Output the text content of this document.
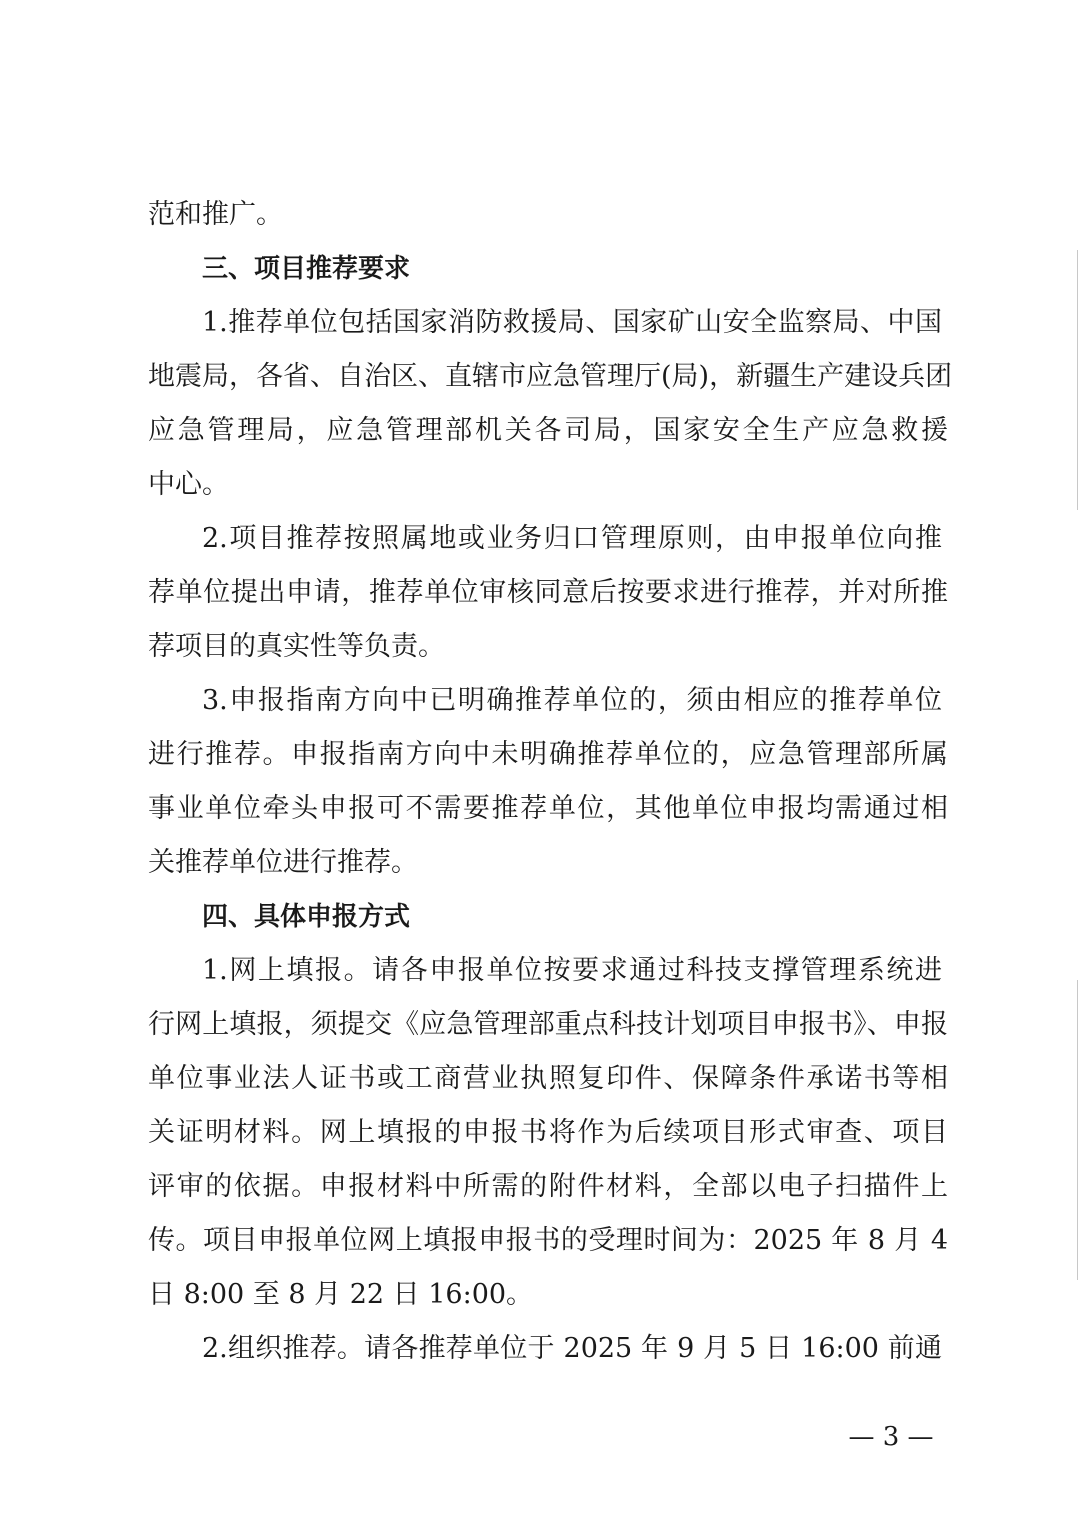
范和推广。
三、项目推荐要求
1.推荐单位包括国家消防救援局、国家矿山安全监察局、中国
地震局，各省、自治区、直辖市应急管理厅(局)，新疆生产建设兵团
应急管理局，应急管理部机关各司局，国家安全生产应急救援
中心。
2.项目推荐按照属地或业务归口管理原则，由申报单位向推
荐单位提出申请，推荐单位审核同意后按要求进行推荐，并对所推
荐项目的真实性等负责。
3.申报指南方向中已明确推荐单位的，须由相应的推荐单位
进行推荐。申报指南方向中未明确推荐单位的，应急管理部所属
事业单位牵头申报可不需要推荐单位，其他单位申报均需通过相
关推荐单位进行推荐。
四、具体申报方式
1.网上填报。请各申报单位按要求通过科技支撑管理系统进
行网上填报，须提交《应急管理部重点科技计划项目申报书》、申报
单位事业法人证书或工商营业执照复印件、保障条件承诺书等相
关证明材料。网上填报的申报书将作为后续项目形式审查、项目
评审的依据。申报材料中所需的附件材料，全部以电子扫描件上
传。项目申报单位网上填报申报书的受理时间为：2025 年 8 月 4
日 8:00 至 8 月 22 日 16:00。
2.组织推荐。请各推荐单位于 2025 年 9 月 5 日 16:00 前通
— 3 —
